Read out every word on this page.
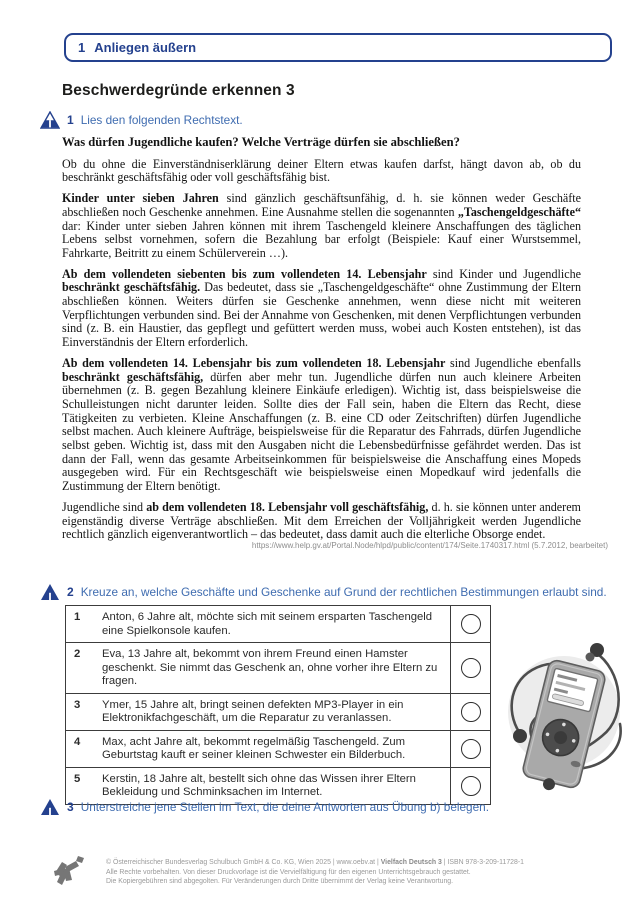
1 Anliegen äußern
Beschwerdegründe erkennen 3
1 Lies den folgenden Rechtstext.
Was dürfen Jugendliche kaufen? Welche Verträge dürfen sie abschließen?

Ob du ohne die Einverständniserklärung deiner Eltern etwas kaufen darfst, hängt davon ab, ob du beschränkt geschäftsfähig oder voll geschäftsfähig bist.

Kinder unter sieben Jahren sind gänzlich geschäftsunfähig, d. h. sie können weder Geschäfte abschließen noch Geschenke annehmen. Eine Ausnahme stellen die sogenannten „Taschengeldgeschäfte“ dar: Kinder unter sieben Jahren können mit ihrem Taschengeld kleinere Anschaffungen des täglichen Lebens selbst vornehmen, sofern die Bezahlung bar erfolgt (Beispiele: Kauf einer Wurstsemmel, Fahrkarte, Beitritt zu einem Schülerverein …).

Ab dem vollendeten siebenten bis zum vollendeten 14. Lebensjahr sind Kinder und Jugendliche beschränkt geschäftsfähig. Das bedeutet, dass sie „Taschengeldgeschäfte“ ohne Zustimmung der Eltern abschließen können. Weiters dürfen sie Geschenke annehmen, wenn diese nicht mit weiteren Verpflichtungen verbunden sind. Bei der Annahme von Geschenken, mit denen Verpflichtungen verbunden sind (z. B. ein Haustier, das gepflegt und gefüttert werden muss, wobei auch Kosten entstehen), ist das Einverständnis der Eltern erforderlich.

Ab dem vollendeten 14. Lebensjahr bis zum vollendeten 18. Lebensjahr sind Jugendliche ebenfalls beschränkt geschäftsfähig, dürfen aber mehr tun. Jugendliche dürfen nun auch kleinere Arbeiten übernehmen (z. B. gegen Bezahlung kleinere Einkäufe erledigen). Wichtig ist, dass beispielsweise die Schulleistungen nicht darunter leiden. Sollte dies der Fall sein, haben die Eltern das Recht, diese Tätigkeiten zu verbieten. Kleine Anschaffungen (z. B. eine CD oder Zeitschriften) dürfen Jugendliche selbst machen. Auch kleinere Aufträge, beispielsweise für die Reparatur des Fahrrads, dürfen Jugendliche selbst geben. Wichtig ist, dass mit den Ausgaben nicht die Lebensbedürfnisse gefährdet werden. Das ist dann der Fall, wenn das gesamte Arbeitseinkommen für beispielsweise die Anschaffung eines Mopeds ausgegeben wird. Für ein Rechtsgeschäft wie beispielsweise einen Mopedkauf wird jedenfalls die Zustimmung der Eltern benötigt.

Jugendliche sind ab dem vollendeten 18. Lebensjahr voll geschäftsfähig, d. h. sie können unter anderem eigenständig diverse Verträge abschließen. Mit dem Erreichen der Volljährigkeit werden Jugendliche rechtlich gänzlich eigenverantwortlich – das bedeutet, dass damit auch die elterliche Obsorge endet.

https://www.help.gv.at/Portal.Node/hlpd/public/content/174/Seite.1740317.html (5.7.2012, bearbeitet)
2 Kreuze an, welche Geschäfte und Geschenke auf Grund der rechtlichen Bestimmungen erlaubt sind.
1	Anton, 6 Jahre alt, möchte sich mit seinem ersparten Taschengeld eine Spielkonsole kaufen.
2	Eva, 13 Jahre alt, bekommt von ihrem Freund einen Hamster geschenkt. Sie nimmt das Geschenk an, ohne vorher ihre Eltern zu fragen.
3	Ymer, 15 Jahre alt, bringt seinen defekten MP3-Player in ein Elektronikfachgeschäft, um die Reparatur zu veranlassen.
4	Max, acht Jahre alt, bekommt regelmäßig Taschengeld. Zum Geburtstag kauft er seiner kleinen Schwester ein Bilderbuch.
5	Kerstin, 18 Jahre alt, bestellt sich ohne das Wissen ihrer Eltern Bekleidung und Schminksachen im Internet.
3 Unterstreiche jene Stellen im Text, die deine Antworten aus Übung b) belegen.
© Österreichischer Bundesverlag Schulbuch GmbH & Co. KG, Wien 2025 | www.oebv.at | Vielfach Deutsch 3 | ISBN 978-3-209-11728-1
Alle Rechte vorbehalten. Von dieser Druckvorlage ist die Vervielfältigung für den eigenen Unterrichtsgebrauch gestattet.
Die Kopiergebühren sind abgegolten. Für Veränderungen durch Dritte übernimmt der Verlag keine Verantwortung.
